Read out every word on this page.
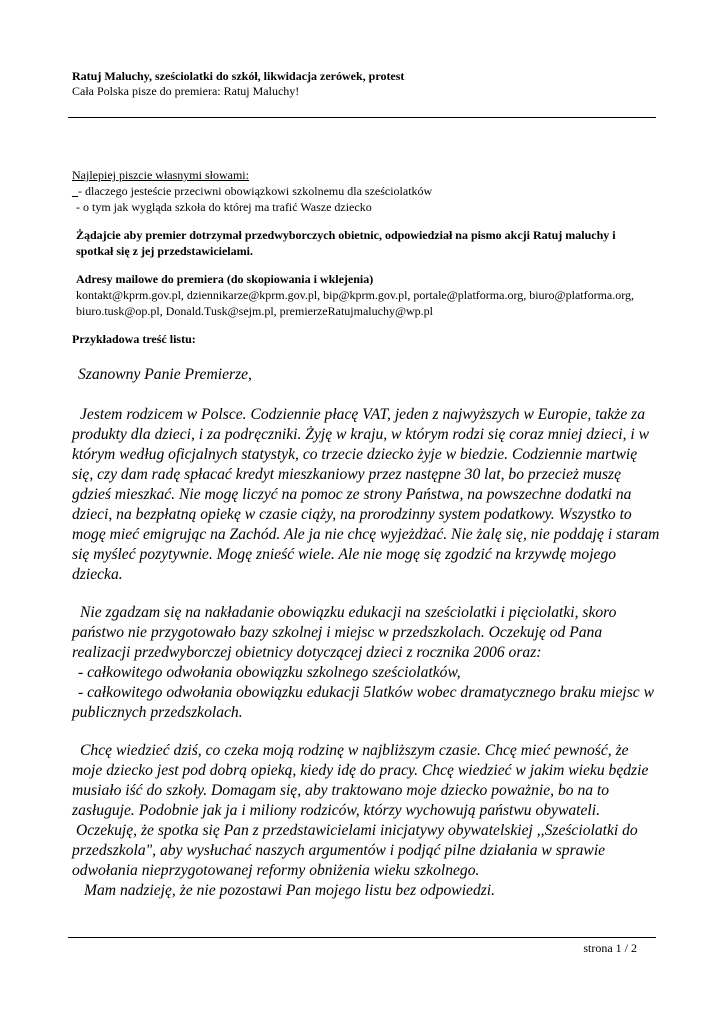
Ratuj Maluchy, sześciolatki do szkół, likwidacja zerówek, protest
Cała Polska pisze do premiera: Ratuj Maluchy!
Najlepiej piszcie własnymi słowami:
_- dlaczego jesteście przeciwni obowiązkowi szkolnemu dla sześciolatków
- o tym jak wygląda szkoła do której ma trafić Wasze dziecko
Żądajcie aby premier dotrzymał przedwyborczych obietnic, odpowiedział na pismo akcji Ratuj maluchy i spotkał się z jej przedstawicielami.
Adresy mailowe do premiera (do skopiowania i wklejenia)
kontakt@kprm.gov.pl, dziennikarze@kprm.gov.pl, bip@kprm.gov.pl, portale@platforma.org, biuro@platforma.org, biuro.tusk@op.pl, Donald.Tusk@sejm.pl, premierzeRatujmaluchy@wp.pl
Przykładowa treść listu:
Szanowny Panie Premierze,

Jestem rodzicem w Polsce. Codziennie płacę VAT, jeden z najwyższych w Europie, także za produkty dla dzieci, i za podręczniki. Żyję w kraju, w którym rodzi się coraz mniej dzieci, i w którym według oficjalnych statystyk, co trzecie dziecko żyje w biedzie. Codziennie martwię się, czy dam radę spłacać kredyt mieszkaniowy przez następne 30 lat, bo przecież muszę gdzieś mieszkać. Nie mogę liczyć na pomoc ze strony Państwa, na powszechne dodatki na dzieci, na bezpłatną opiekę w czasie ciąży, na prorodzinny system podatkowy. Wszystko to mogę mieć emigrując na Zachód. Ale ja nie chcę wyjeżdżać. Nie żalę się, nie poddaję i staram się myśleć pozytywnie. Mogę znieść wiele. Ale nie mogę się zgodzić na krzywdę mojego dziecka.

Nie zgadzam się na nakładanie obowiązku edukacji na sześciolatki i pięciolatki, skoro państwo nie przygotowało bazy szkolnej i miejsc w przedszkolach. Oczekuję od Pana realizacji przedwyborczej obietnicy dotyczącej dzieci z rocznika 2006 oraz:

- całkowitego odwołania obowiązku szkolnego sześciolatków,

- całkowitego odwołania obowiązku edukacji 5latków wobec dramatycznego braku miejsc w publicznych przedszkolach.

Chcę wiedzieć dziś, co czeka moją rodzinę w najbliższym czasie. Chcę mieć pewność, że moje dziecko jest pod dobrą opieką, kiedy idę do pracy. Chcę wiedzieć w jakim wieku będzie musiało iść do szkoły. Domagam się, aby traktowano moje dziecko poważnie, bo na to zasługuje. Podobnie jak ja i miliony rodziców, którzy wychowują państwu obywateli.

Oczekuję, że spotka się Pan z przedstawicielami inicjatywy obywatelskiej ,,Sześciolatki do przedszkola", aby wysłuchać naszych argumentów i podjąć pilne działania w sprawie odwołania nieprzygotowanej reformy obniżenia wieku szkolnego.

Mam nadzieję, że nie pozostawi Pan mojego listu bez odpowiedzi.

strona 1 / 2
